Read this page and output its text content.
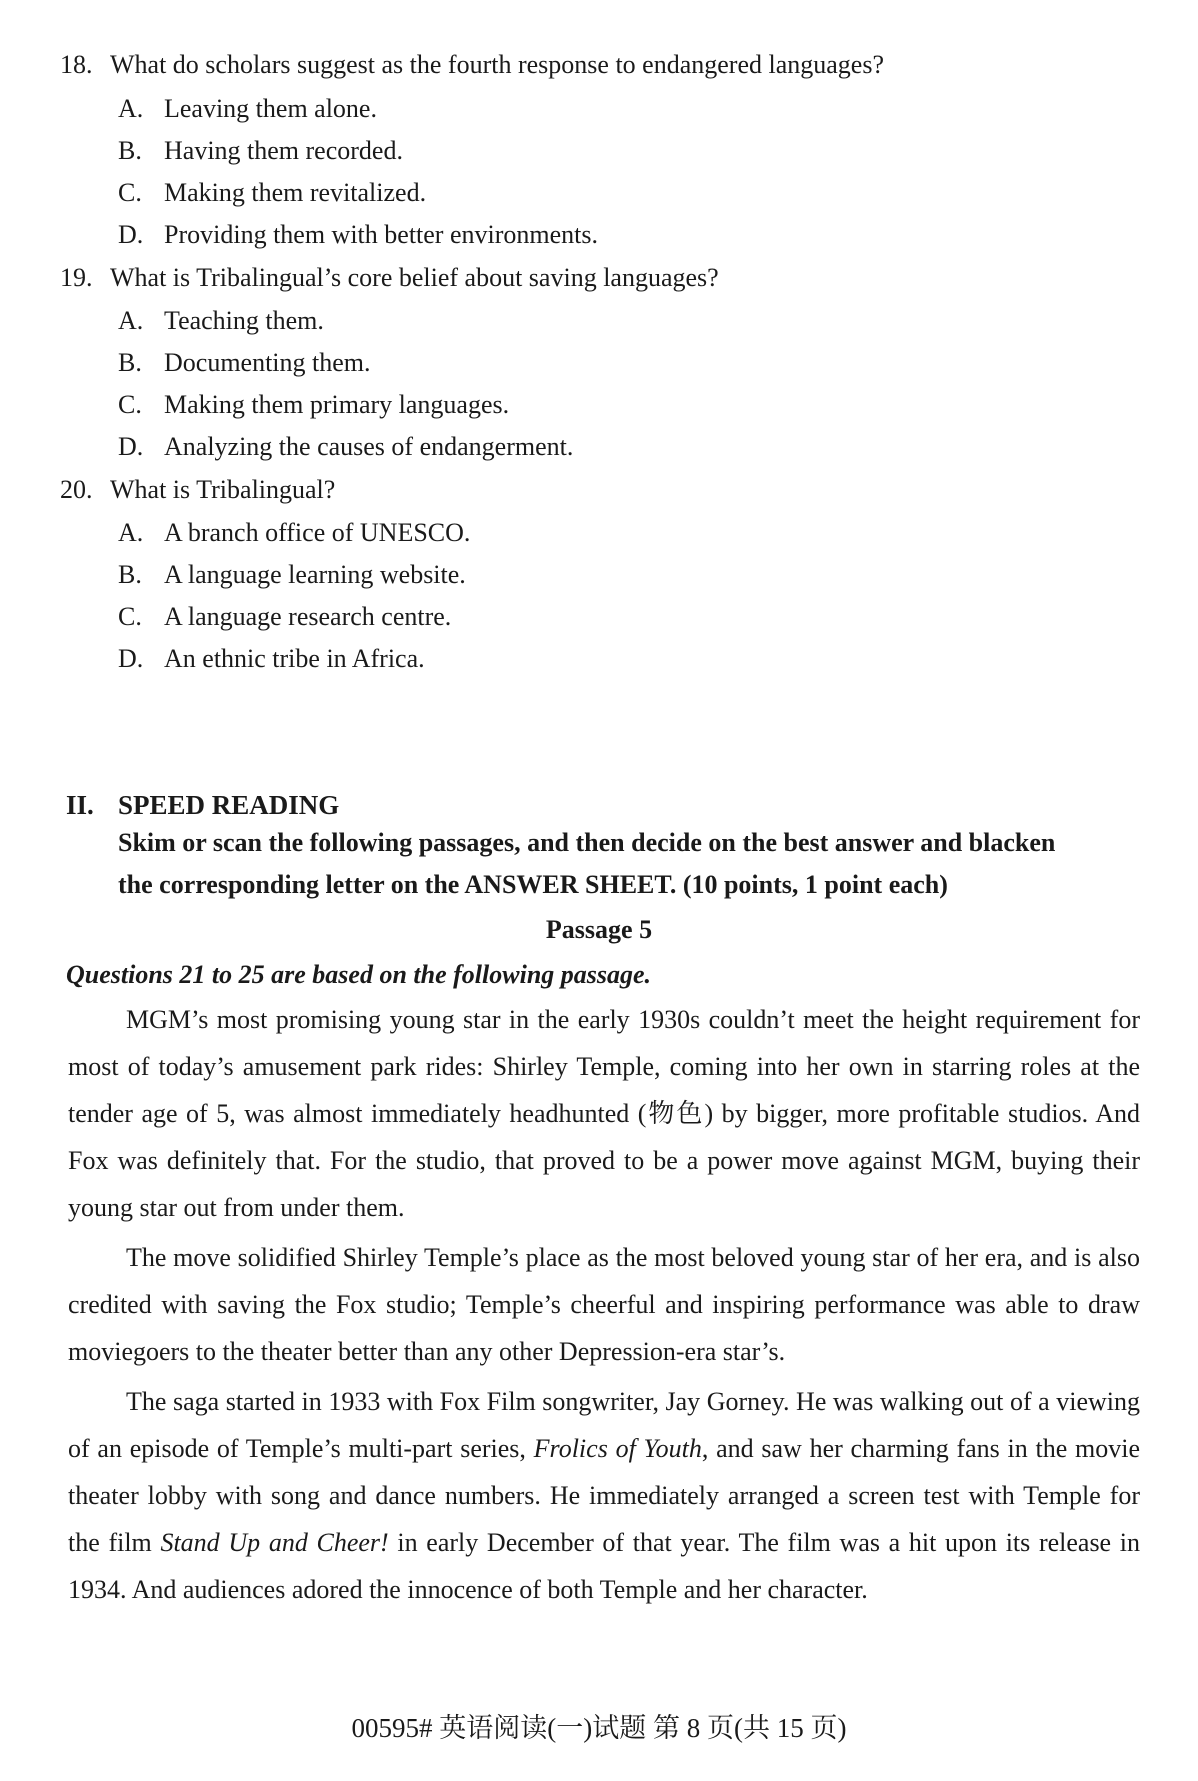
18. What do scholars suggest as the fourth response to endangered languages?
A. Leaving them alone.
B. Having them recorded.
C. Making them revitalized.
D. Providing them with better environments.
19. What is Tribalingual’s core belief about saving languages?
A. Teaching them.
B. Documenting them.
C. Making them primary languages.
D. Analyzing the causes of endangerment.
20. What is Tribalingual?
A. A branch office of UNESCO.
B. A language learning website.
C. A language research centre.
D. An ethnic tribe in Africa.
II. SPEED READING
Skim or scan the following passages, and then decide on the best answer and blacken
the corresponding letter on the ANSWER SHEET. (10 points, 1 point each)
Passage 5
Questions 21 to 25 are based on the following passage.
MGM’s most promising young star in the early 1930s couldn’t meet the height requirement for most of today’s amusement park rides: Shirley Temple, coming into her own in starring roles at the tender age of 5, was almost immediately headhunted (物色) by bigger, more profitable studios. And Fox was definitely that. For the studio, that proved to be a power move against MGM, buying their young star out from under them.
The move solidified Shirley Temple’s place as the most beloved young star of her era, and is also credited with saving the Fox studio; Temple’s cheerful and inspiring performance was able to draw moviegoers to the theater better than any other Depression-era star’s.
The saga started in 1933 with Fox Film songwriter, Jay Gorney. He was walking out of a viewing of an episode of Temple’s multi-part series, Frolics of Youth, and saw her charming fans in the movie theater lobby with song and dance numbers. He immediately arranged a screen test with Temple for the film Stand Up and Cheer! in early December of that year. The film was a hit upon its release in 1934. And audiences adored the innocence of both Temple and her character.
00595# 英语阅读(一)试题 第 8 页(共 15 页)
